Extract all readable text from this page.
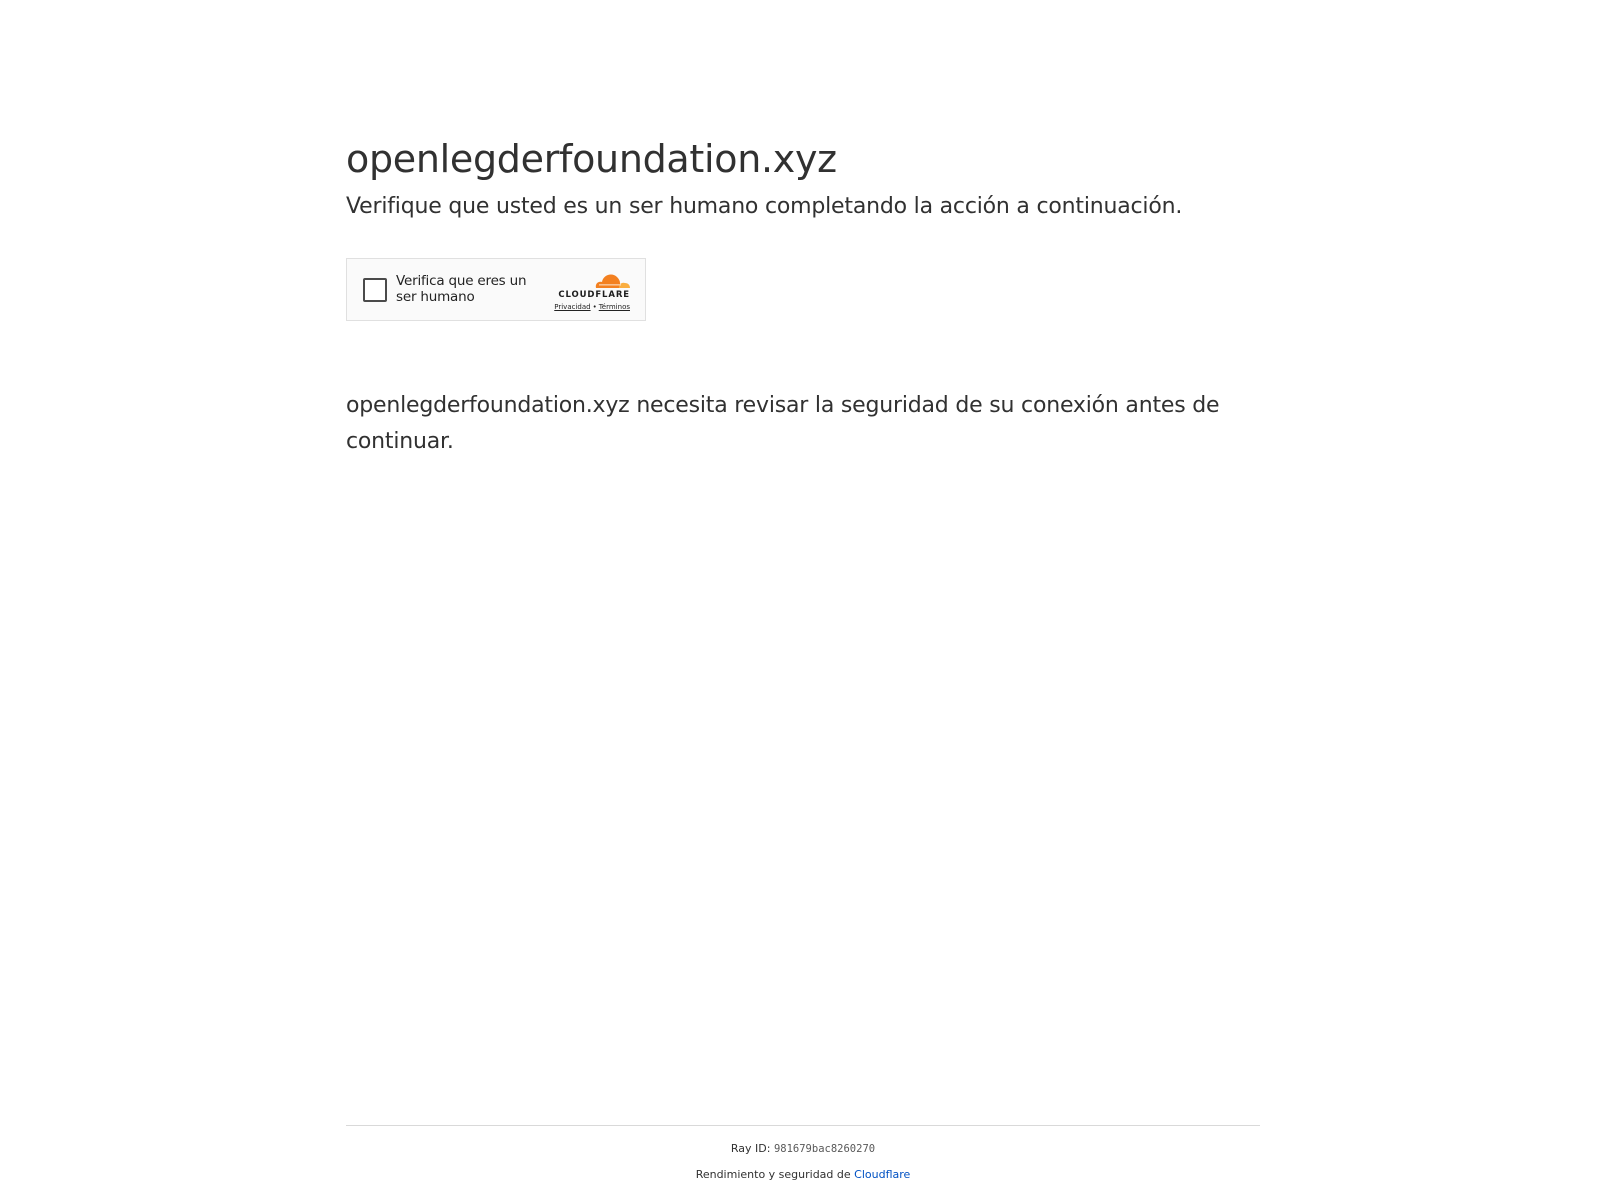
openlegderfoundation.xyz
Verifique que usted es un ser humano completando la acción a continuación.
Verifica que eres un ser humano	CLOUDFLARE
Privacidad • Términos

openlegderfoundation.xyz necesita revisar la seguridad de su conexión antes de continuar.

Ray ID: 981679bac8260270
Rendimiento y seguridad de Cloudflare
